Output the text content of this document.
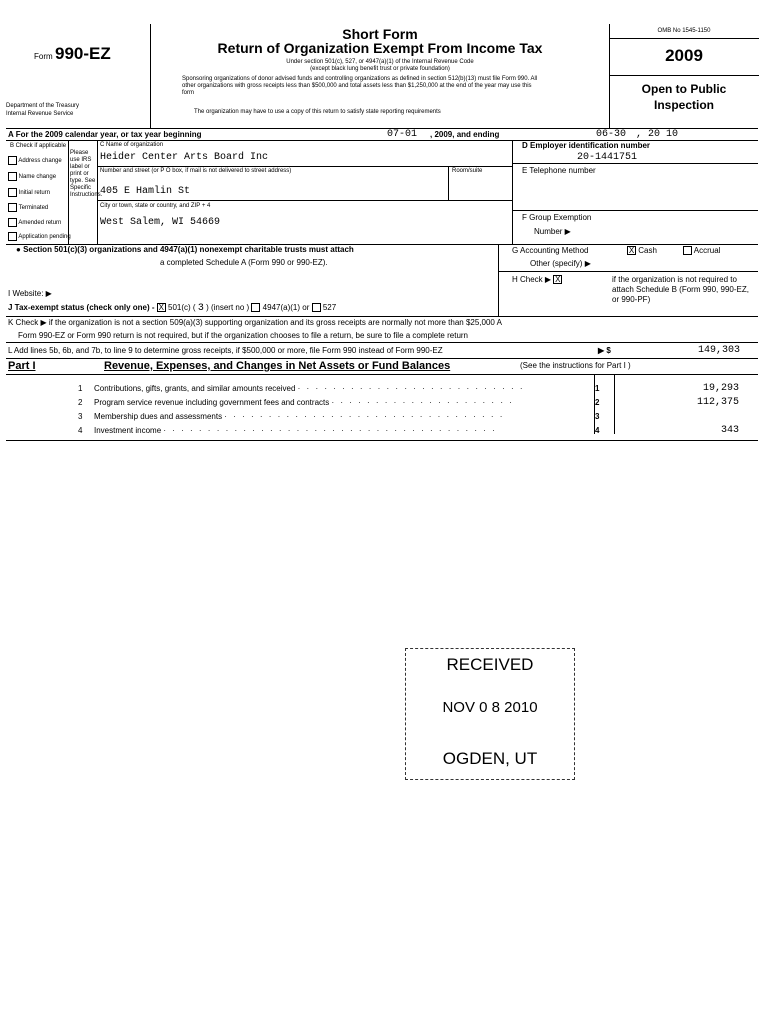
Form 990-EZ
Department of the Treasury
Internal Revenue Service
Short Form
Return of Organization Exempt From Income Tax
Under section 501(c), 527, or 4947(a)(1) of the Internal Revenue Code
(except black lung benefit trust or private foundation)
Sponsoring organizations of donor advised funds and controlling organizations as defined in section 512(b)(13) must file Form 990. All other organizations with gross receipts less than $500,000 and total assets less than $1,250,000 at the end of the year may use this form
The organization may have to use a copy of this return to satisfy state reporting requirements
OMB No 1545-1150
2009
Open to Public
Inspection
A For the 2009 calendar year, or tax year beginning	07-01 , 2009, and ending	06-30 , 20 10
B Check if applicable
Address change
Name change
Initial return
Terminated
Amended return
Application pending
Please use IRS label or print or type. See Specific Instructions.
C Name of organization
Heider Center Arts Board Inc
Number and street (or P O box, if mail is not delivered to street address)	Room/suite
405 E Hamlin St
City or town, state or country, and ZIP + 4
West Salem, WI 54669
D Employer identification number
20-1441751
E Telephone number
F Group Exemption
Number ▶
● Section 501(c)(3) organizations and 4947(a)(1) nonexempt charitable trusts must attach
a completed Schedule A (Form 990 or 990-EZ).
G Accounting Method	X Cash	Accrual
Other (specify) ▶
H Check ▶ X	if the organization is not required to attach Schedule B (Form 990, 990-EZ, or 990-PF)
I Website: ▶
J Tax-exempt status (check only one) - X 501(c) ( 3 ) (insert no ) 4947(a)(1) or 527
K Check ▶ if the organization is not a section 509(a)(3) supporting organization and its gross receipts are normally not more than $25,000 A
Form 990-EZ or Form 990 return is not required, but if the organization chooses to file a return, be sure to file a complete return
L Add lines 5b, 6b, and 7b, to line 9 to determine gross receipts, if $500,000 or more, file Form 990 instead of Form 990-EZ	▶ $	149,303
Part I	Revenue, Expenses, and Changes in Net Assets or Fund Balances	(See the instructions for Part I )
1	Contributions, gifts, grants, and similar amounts received · · · · · · · · · · · · · · · · · · · · · · · · · ·	1	19,293
2	Program service revenue including government fees and contracts · · · · · · · · · · · · · · · · · · · · ·	2	112,375
3	Membership dues and assessments · · · · · · · · · · · · · · · · · · · · · · · · · · · · · · · ·	3
4	Investment income · · · · · · · · · · · · · · · · · · · · · · · · · · · · · · · · · · · · · ·	4	343
RECEIVED
NOV 0 8 2010
OGDEN, UT
